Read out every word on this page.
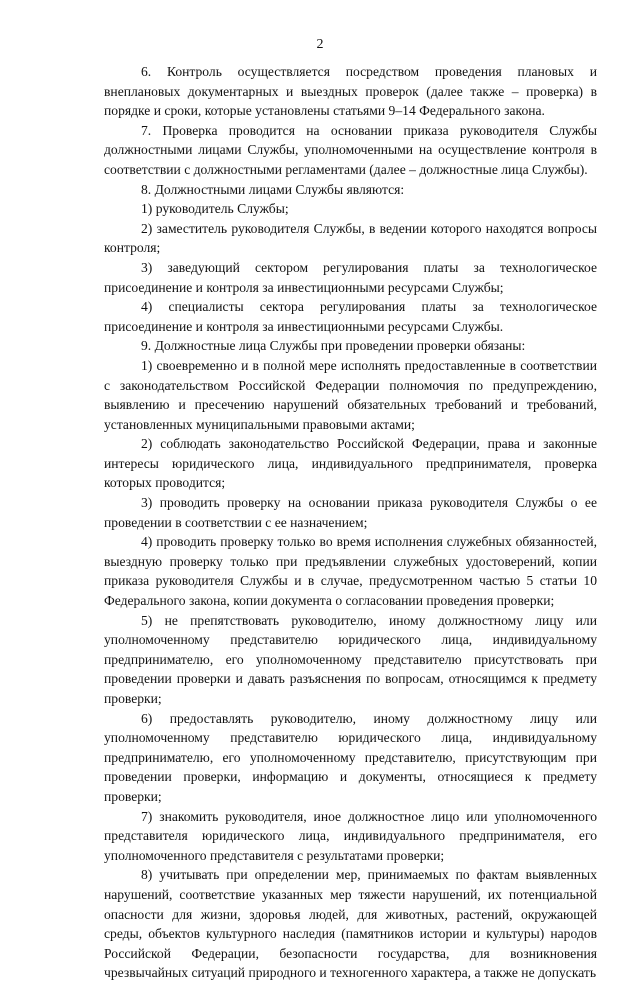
2

6. Контроль осуществляется посредством проведения плановых и внеплановых документарных и выездных проверок (далее также – проверка) в порядке и сроки, которые установлены статьями 9–14 Федерального закона.

7. Проверка проводится на основании приказа руководителя Службы должностными лицами Службы, уполномоченными на осуществление контроля в соответствии с должностными регламентами (далее – должностные лица Службы).

8. Должностными лицами Службы являются:

1) руководитель Службы;

2) заместитель руководителя Службы, в ведении которого находятся вопросы контроля;

3) заведующий сектором регулирования платы за технологическое присоединение и контроля за инвестиционными ресурсами Службы;

4) специалисты сектора регулирования платы за технологическое присоединение и контроля за инвестиционными ресурсами Службы.

9. Должностные лица Службы при проведении проверки обязаны:

1) своевременно и в полной мере исполнять предоставленные в соответствии с законодательством Российской Федерации полномочия по предупреждению, выявлению и пресечению нарушений обязательных требований и требований, установленных муниципальными правовыми актами;

2) соблюдать законодательство Российской Федерации, права и законные интересы юридического лица, индивидуального предпринимателя, проверка которых проводится;

3) проводить проверку на основании приказа руководителя Службы о ее проведении в соответствии с ее назначением;

4) проводить проверку только во время исполнения служебных обязанностей, выездную проверку только при предъявлении служебных удостоверений, копии приказа руководителя Службы и в случае, предусмотренном частью 5 статьи 10 Федерального закона, копии документа о согласовании проведения проверки;

5) не препятствовать руководителю, иному должностному лицу или уполномоченному представителю юридического лица, индивидуальному предпринимателю, его уполномоченному представителю присутствовать при проведении проверки и давать разъяснения по вопросам, относящимся к предмету проверки;

6) предоставлять руководителю, иному должностному лицу или уполномоченному представителю юридического лица, индивидуальному предпринимателю, его уполномоченному представителю, присутствующим при проведении проверки, информацию и документы, относящиеся к предмету проверки;

7) знакомить руководителя, иное должностное лицо или уполномоченного представителя юридического лица, индивидуального предпринимателя, его уполномоченного представителя с результатами проверки;

8) учитывать при определении мер, принимаемых по фактам выявленных нарушений, соответствие указанных мер тяжести нарушений, их потенциальной опасности для жизни, здоровья людей, для животных, растений, окружающей среды, объектов культурного наследия (памятников истории и культуры) народов Российской Федерации, безопасности государства, для возникновения чрезвычайных ситуаций природного и техногенного характера, а также не допускать
